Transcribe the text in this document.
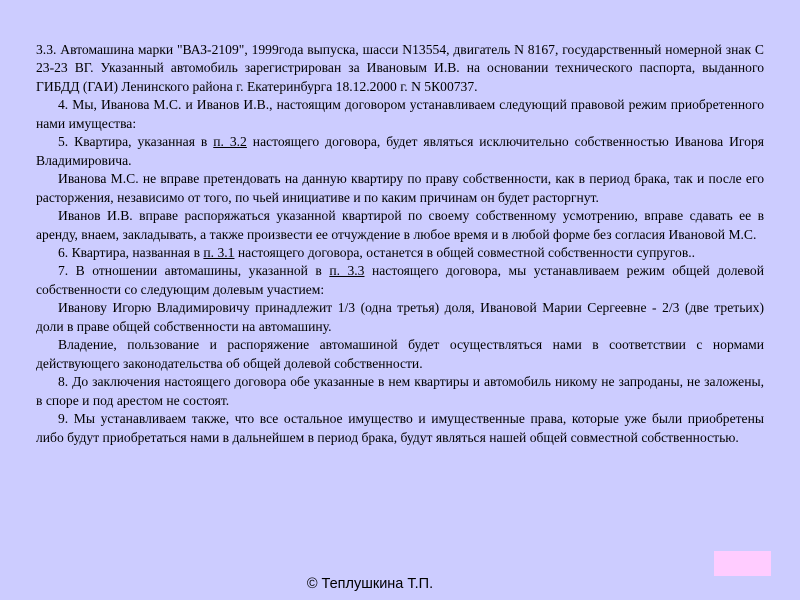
3.3. Автомашина марки "ВАЗ-2109", 1999года выпуска, шасси N13554, двигатель N 8167, государственный номерной знак С 23-23 ВГ. Указанный автомобиль зарегистрирован за Ивановым И.В. на основании технического паспорта, выданного ГИБДД (ГАИ) Ленинского района г. Екатеринбурга 18.12.2000 г. N 5К00737.

4. Мы, Иванова М.С. и Иванов И.В., настоящим договором устанавливаем следующий правовой режим приобретенного нами имущества:

5. Квартира, указанная в п. 3.2 настоящего договора, будет являться исключительно собственностью Иванова Игоря Владимировича.

Иванова М.С. не вправе претендовать на данную квартиру по праву собственности, как в период брака, так и после его расторжения, независимо от того, по чьей инициативе и по каким причинам он будет расторгнут.

Иванов И.В. вправе распоряжаться указанной квартирой по своему собственному усмотрению, вправе сдавать ее в аренду, внаем, закладывать, а также произвести ее отчуждение в любое время и в любой форме без согласия Ивановой М.С.

6. Квартира, названная в п. 3.1 настоящего договора, останется в общей совместной собственности супругов..

7. В отношении автомашины, указанной в п. 3.3 настоящего договора, мы устанавливаем режим общей долевой собственности со следующим долевым участием:

Иванову Игорю Владимировичу принадлежит 1/3 (одна третья) доля, Ивановой Марии Сергеевне - 2/3 (две третьих) доли в праве общей собственности на автомашину.

Владение, пользование и распоряжение автомашиной будет осуществляться нами в соответствии с нормами действующего законодательства об общей долевой собственности.

8. До заключения настоящего договора обе указанные в нем квартиры и автомобиль никому не запроданы, не заложены, в споре и под арестом не состоят.

9. Мы устанавливаем также, что все остальное имущество и имущественные права, которые уже были приобретены либо будут приобретаться нами в дальнейшем в период брака, будут являться нашей общей совместной собственностью.

© Теплушкина Т.П.
